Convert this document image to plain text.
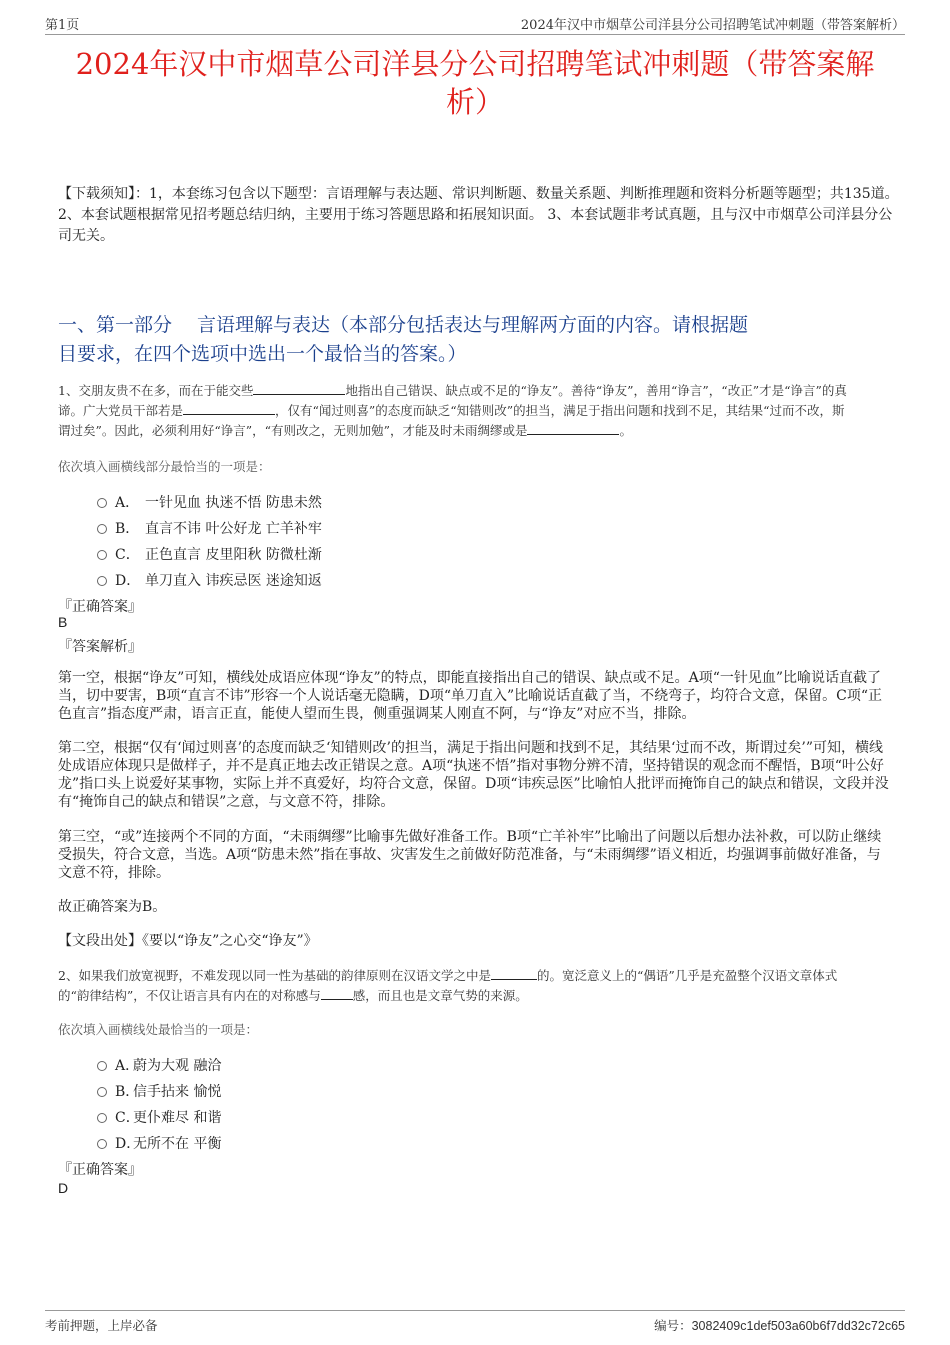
第1页	2024年汉中市烟草公司洋县分公司招聘笔试冲刺题（带答案解析）
2024年汉中市烟草公司洋县分公司招聘笔试冲刺题（带答案解
析）
【下载须知】：1，本套练习包含以下题型：言语理解与表达题、常识判断题、数量关系题、判断推理题和资料分析题等题型；共135道。 2、本套试题根据常见招考题总结归纳，主要用于练习答题思路和拓展知识面。 3、本套试题非考试真题，且与汉中市烟草公司洋县分公司无关。
一、第一部分　 言语理解与表达（本部分包括表达与理解两方面的内容。请根据题
目要求，在四个选项中选出一个最恰当的答案。）
1、交朋友贵不在多，而在于能交些	地指出自己错误、缺点或不足的“诤友”。善待“诤友”，善用“诤言”，“改正”才是“诤言”的真
谛。广大党员干部若是	，仅有“闻过则喜”的态度而缺乏“知错则改”的担当，满足于指出问题和找到不足，其结果“过而不改，斯
谓过矣”。因此，必须利用好“诤言”，“有则改之，无则加勉”，才能及时未雨绸缪或是	。
依次填入画横线部分最恰当的一项是：
A． 一针见血 执迷不悟 防患未然
B． 直言不讳 叶公好龙 亡羊补牢
C． 正色直言 皮里阳秋 防微杜渐
D． 单刀直入 讳疾忌医 迷途知返
『正确答案』
B
『答案解析』
第一空，根据“诤友”可知，横线处成语应体现“诤友”的特点，即能直接指出自己的错误、缺点或不足。A项“一针见血”比喻说话直截了当，切中要害，B项“直言不讳”形容一个人说话毫无隐瞒，D项“单刀直入”比喻说话直截了当，不绕弯子，均符合文意，保留。C项“正色直言”指态度严肃，语言正直，能使人望而生畏，侧重强调某人刚直不阿，与“诤友”对应不当，排除。
第二空，根据“仅有‘闻过则喜’的态度而缺乏‘知错则改’的担当，满足于指出问题和找到不足，其结果‘过而不改，斯谓过矣’”可知，横线处成语应体现只是做样子，并不是真正地去改正错误之意。A项“执迷不悟”指对事物分辨不清，坚持错误的观念而不醒悟，B项“叶公好龙”指口头上说爱好某事物，实际上并不真爱好，均符合文意，保留。D项“讳疾忌医”比喻怕人批评而掩饰自己的缺点和错误，文段并没有“掩饰自己的缺点和错误”之意，与文意不符，排除。
第三空，“或”连接两个不同的方面，“未雨绸缪”比喻事先做好准备工作。B项“亡羊补牢”比喻出了问题以后想办法补救，可以防止继续受损失，符合文意，当选。A项“防患未然”指在事故、灾害发生之前做好防范准备，与“未雨绸缪”语义相近，均强调事前做好准备，与文意不符，排除。
故正确答案为B。
【文段出处】《要以“诤友”之心交“诤友”》
2、如果我们放宽视野，不难发现以同一性为基础的韵律原则在汉语文学之中是	的。宽泛意义上的“偶语”几乎是充盈整个汉语文章体式
的“韵律结构”，不仅让语言具有内在的对称感与	感，而且也是文章气势的来源。
依次填入画横线处最恰当的一项是：
A．蔚为大观 融洽
B．信手拈来 愉悦
C．更仆难尽 和谐
D．无所不在 平衡
『正确答案』
D
考前押题，上岸必备	编号：3082409c1def503a60b6f7dd32c72c65
